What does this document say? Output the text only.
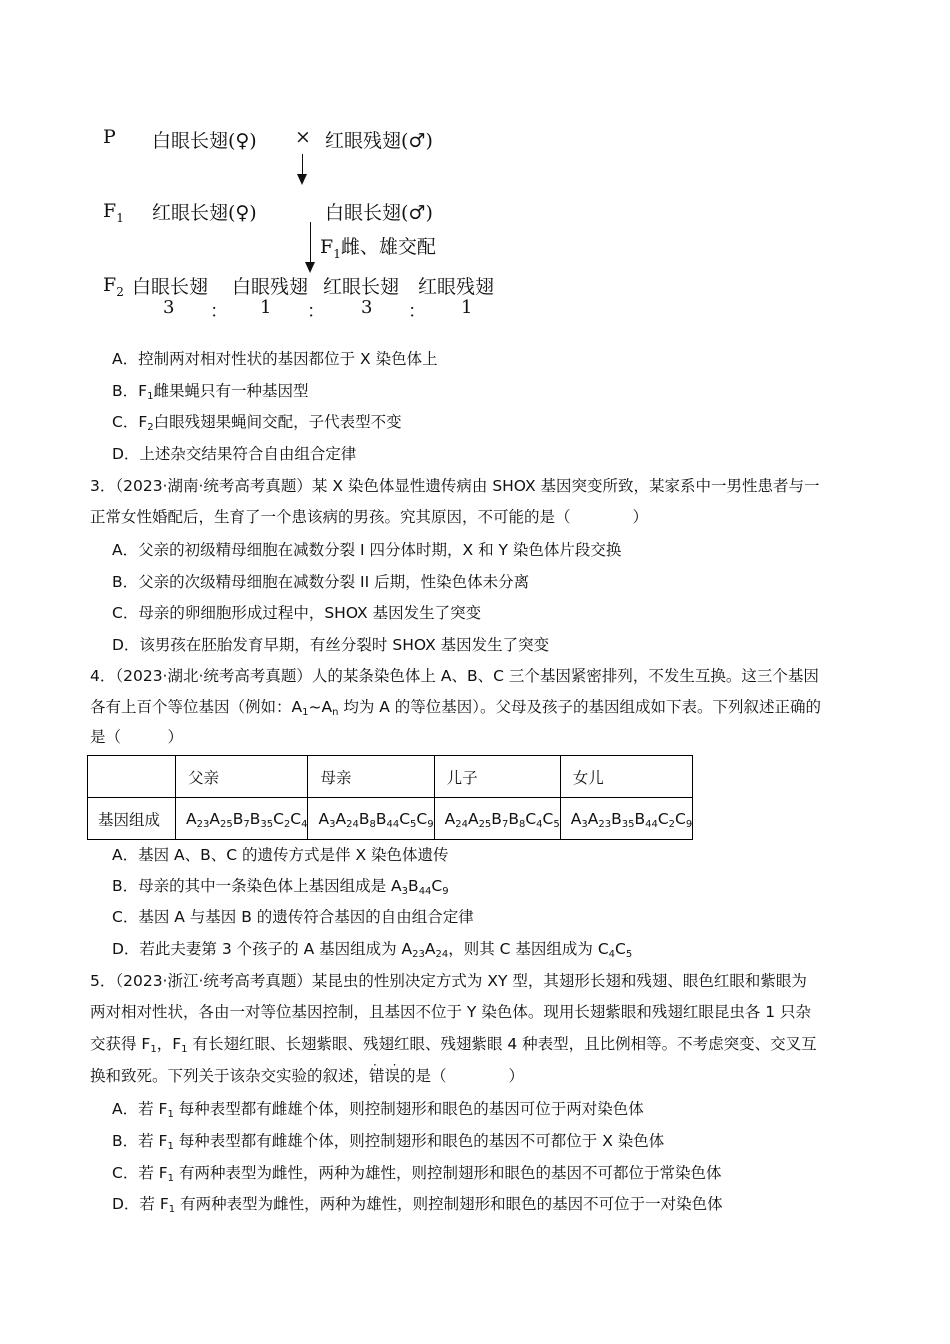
P 白眼长翅(♀) × 红眼残翅(♂)
$F_1$ 红眼长翅(♀)	白眼长翅(♂)
$F_1$雌、雄交配
$F_2$ 白眼长翅 白眼残翅 红眼长翅 红眼残翅
3 ： 1 ： 3 ： 1
A．控制两对相对性状的基因都位于 X 染色体上
B．$F_1$雌果蝇只有一种基因型
C．$F_2$白眼残翅果蝇间交配，子代表型不变
D．上述杂交结果符合自由组合定律
3．（2023·湖南·统考高考真题）某 X 染色体显性遗传病由 SHOX 基因突变所致，某家系中一男性患者与一
正常女性婚配后，生育了一个患该病的男孩。究其原因，不可能的是（　　　　）
A．父亲的初级精母细胞在减数分裂 I 四分体时期，X 和 Y 染色体片段交换
B．父亲的次级精母细胞在减数分裂 II 后期，性染色体未分离
C．母亲的卵细胞形成过程中，SHOX 基因发生了突变
D．该男孩在胚胎发育早期，有丝分裂时 SHOX 基因发生了突变
4．（2023·湖北·统考高考真题）人的某条染色体上 A、B、C 三个基因紧密排列，不发生互换。这三个基因
各有上百个等位基因（例如：$A_1\sim A_n$ 均为 A 的等位基因）。父母及孩子的基因组成如下表。下列叙述正确的
是（　　　）
	父亲	母亲	儿子	女儿
基因组成	$A_{23}A_{25}B_7B_{35}C_2C_4$	$A_3A_{24}B_8B_{44}C_5C_9$	$A_{24}A_{25}B_7B_8C_4C_5$	$A_3A_{23}B_{35}B_{44}C_2C_9$
A．基因 A、B、C 的遗传方式是伴 X 染色体遗传
B．母亲的其中一条染色体上基因组成是 $A_3B_{44}C_9$
C．基因 A 与基因 B 的遗传符合基因的自由组合定律
D．若此夫妻第 3 个孩子的 A 基因组成为 $A_{23}A_{24}$，则其 C 基因组成为 $C_4C_5$
5．（2023·浙江·统考高考真题）某昆虫的性别决定方式为 XY 型，其翅形长翅和残翅、眼色红眼和紫眼为
两对相对性状，各由一对等位基因控制，且基因不位于 Y 染色体。现用长翅紫眼和残翅红眼昆虫各 1 只杂
交获得 $F_1$，$F_1$ 有长翅红眼、长翅紫眼、残翅红眼、残翅紫眼 4 种表型，且比例相等。不考虑突变、交叉互
换和致死。下列关于该杂交实验的叙述，· · 错误的是（　　　　）
A．若 $F_1$ 每种表型都有雌雄个体，则控制翅形和眼色的基因可位于两对染色体
B．若 $F_1$ 每种表型都有雌雄个体，则控制翅形和眼色的基因不可都位于 X 染色体
C．若 $F_1$ 有两种表型为雌性，两种为雄性，则控制翅形和眼色的基因不可都位于常染色体
D．若 $F_1$ 有两种表型为雌性，两种为雄性，则控制翅形和眼色的基因不可位于一对染色体
